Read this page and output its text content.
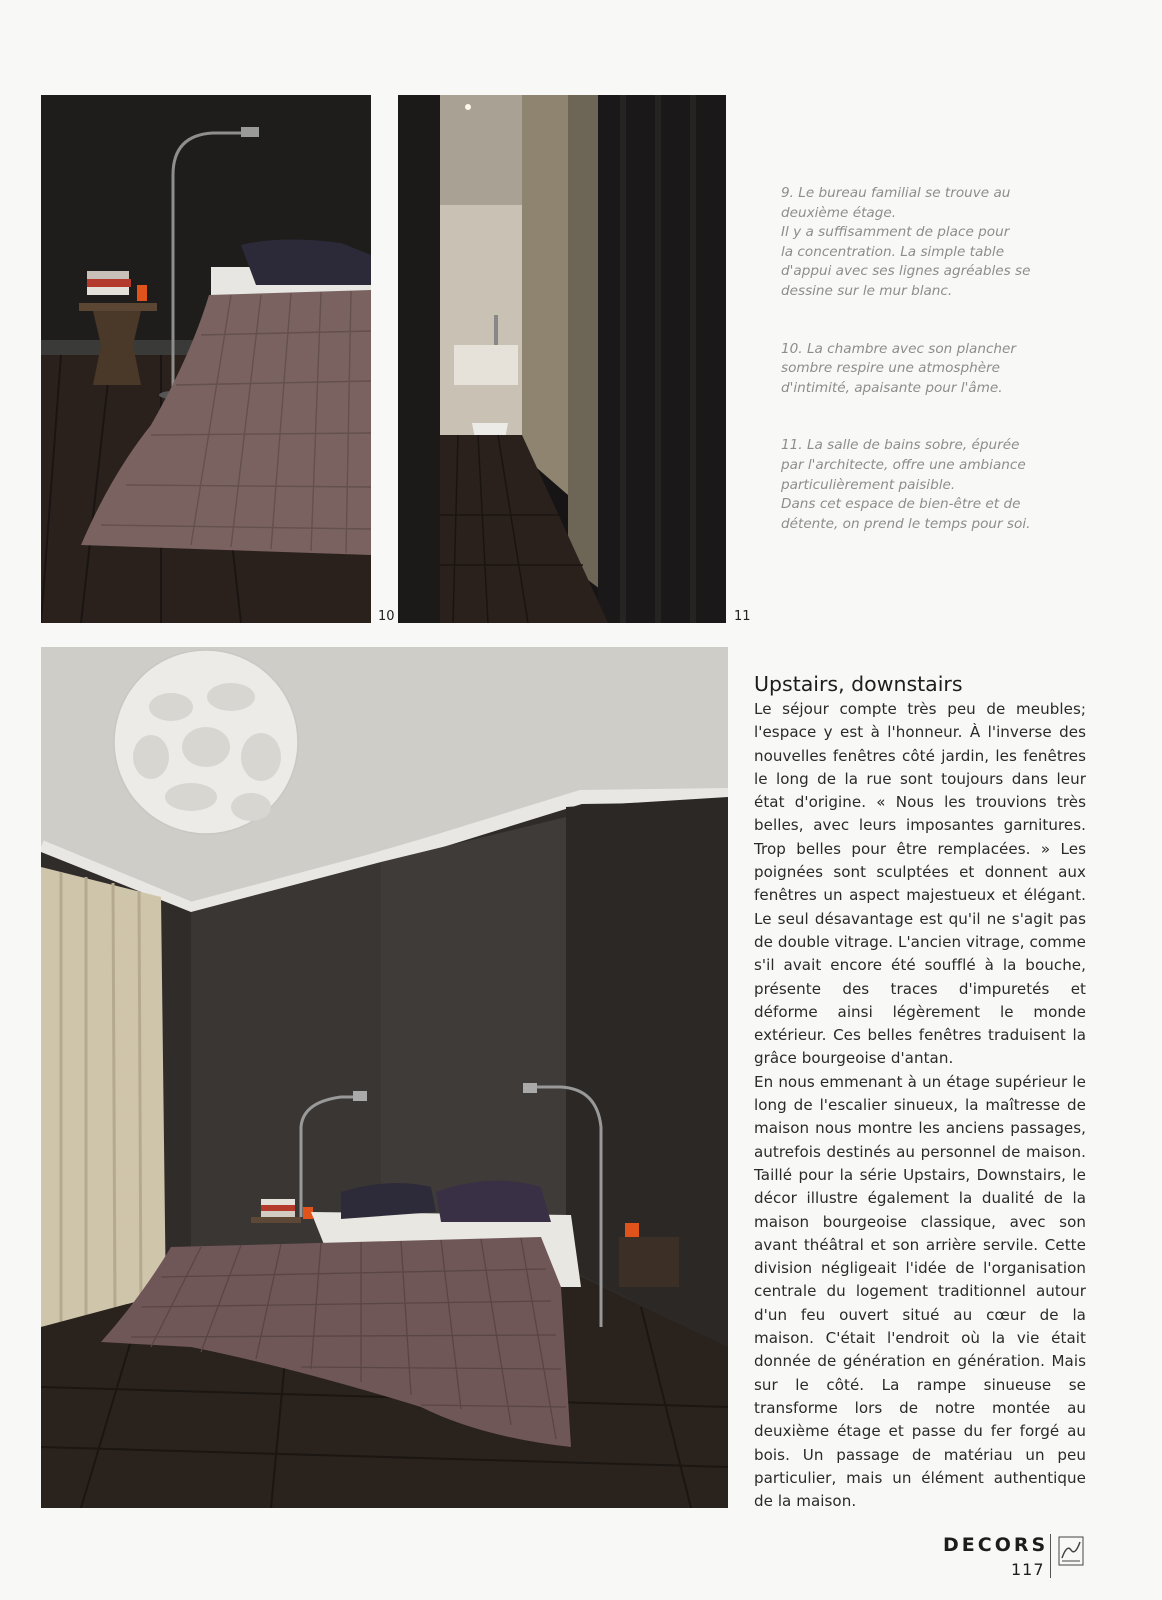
10	11

9. Le bureau familial se trouve au
deuxième étage.
Il y a suffisamment de place pour
la concentration. La simple table
d'appui avec ses lignes agréables se
dessine sur le mur blanc.

10. La chambre avec son plancher
sombre respire une atmosphère
d'intimité, apaisante pour l'âme.

11. La salle de bains sobre, épurée
par l'architecte, offre une ambiance
particulièrement paisible.
Dans cet espace de bien-être et de
détente, on prend le temps pour soi.

Upstairs, downstairs

Le séjour compte très peu de meubles; l'espace y est à l'honneur. À l'inverse des nouvelles fenêtres côté jardin, les fenêtres le long de la rue sont toujours dans leur état d'origine. « Nous les trouvions très belles, avec leurs imposantes garnitures. Trop belles pour être remplacées. » Les poignées sont sculptées et donnent aux fenêtres un aspect majestueux et élégant. Le seul désavantage est qu'il ne s'agit pas de double vitrage. L'ancien vitrage, comme s'il avait encore été soufflé à la bouche, présente des traces d'impuretés et déforme ainsi légèrement le monde extérieur. Ces belles fenêtres traduisent la grâce bourgeoise d'antan.

En nous emmenant à un étage supérieur le long de l'escalier sinueux, la maîtresse de maison nous montre les anciens passages, autrefois destinés au personnel de maison. Taillé pour la série Upstairs, Downstairs, le décor illustre également la dualité de la maison bourgeoise classique, avec son avant théâtral et son arrière servile. Cette division négligeait l'idée de l'organisation centrale du logement traditionnel autour d'un feu ouvert situé au cœur de la maison. C'était l'endroit où la vie était donnée de génération en génération. Mais sur le côté. La rampe sinueuse se transforme lors de notre montée au deuxième étage et passe du fer forgé au bois. Un passage de matériau un peu particulier, mais un élément authentique de la maison.

DECORS
117
